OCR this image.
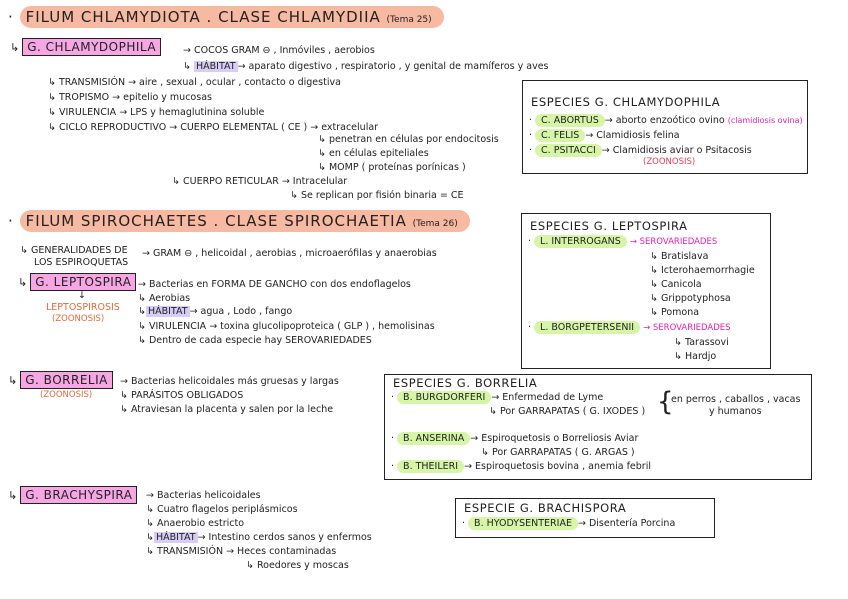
· FILUM CHLAMYDIOTA . CLASE CHLAMYDIIA (Tema 25)
↳ G. CHLAMYDOPHILA	→ COCOS GRAM ⊖ , Inmóviles , aerobios
↳ HÁBITAT → aparato digestivo , respiratorio , y genital de mamíferos y aves
↳ TRANSMISIÓN → aire , sexual , ocular , contacto o digestiva
↳ TROPISMO → epitelio y mucosas
↳ VIRULENCIA → LPS y hemaglutinina soluble
↳ CICLO REPRODUCTIVO → CUERPO ELEMENTAL ( CE ) → extracelular
↳ penetran en células por endocitosis
↳ en células epiteliales
↳ MOMP ( proteínas porínicas )
↳ CUERPO RETICULAR → Intracelular
↳ Se replican por fisión binaria = CE
ESPECIES G. CHLAMYDOPHILA
· C. ABORTUS → aborto enzoótico ovino (clamidiosis ovina)
· C. FELIS → Clamidiosis felina
· C. PSITACCI → Clamidiosis aviar o Psitacosis
(ZOONOSIS)
· FILUM SPIROCHAETES . CLASE SPIROCHAETIA (Tema 26)
↳ GENERALIDADES DE
LOS ESPIROQUETAS
→ GRAM ⊖ , helicoidal , aerobias , microaerófilas y anaerobias
↳ G. LEPTOSPIRA
↓
LEPTOSPIROSIS
(ZOONOSIS)
→ Bacterias en FORMA DE GANCHO con dos endoflagelos
↳ Aerobias
↳ HÁBITAT → agua , Lodo , fango
↳ VIRULENCIA → toxina glucolipoproteica ( GLP ) , hemolisinas
↳ Dentro de cada especie hay SEROVARIEDADES
ESPECIES G. LEPTOSPIRA
· L. INTERROGANS → SEROVARIEDADES
↳ Bratislava
↳ Icterohaemorrhagie
↳ Canicola
↳ Grippotyphosa
↳ Pomona
· L. BORGPETERSENII → SEROVARIEDADES
↳ Tarassovi
↳ Hardjo
↳ G. BORRELIA
(ZOONOSIS)
→ Bacterias helicoidales más gruesas y largas
↳ PARÁSITOS OBLIGADOS
↳ Atraviesan la placenta y salen por la leche
ESPECIES G. BORRELIA
· B. BURGDORFERI → Enfermedad de Lyme
↳ Por GARRAPATAS ( G. IXODES ) {
en perros , caballos , vacas
y humanos
· B. ANSERINA → Espiroquetosis o Borreliosis Aviar
↳ Por GARRAPATAS ( G. ARGAS )
· B. THEILERI → Espiroquetosis bovina , anemia febril
↳ G. BRACHYSPIRA	→ Bacterias helicoidales
↳ Cuatro flagelos periplásmicos
↳ Anaerobio estricto
↳ HÁBITAT → Intestino cerdos sanos y enfermos
↳ TRANSMISIÓN → Heces contaminadas
↳ Roedores y moscas
ESPECIE G. BRACHISPORA
· B. HYODYSENTERIAE → Disentería Porcina
